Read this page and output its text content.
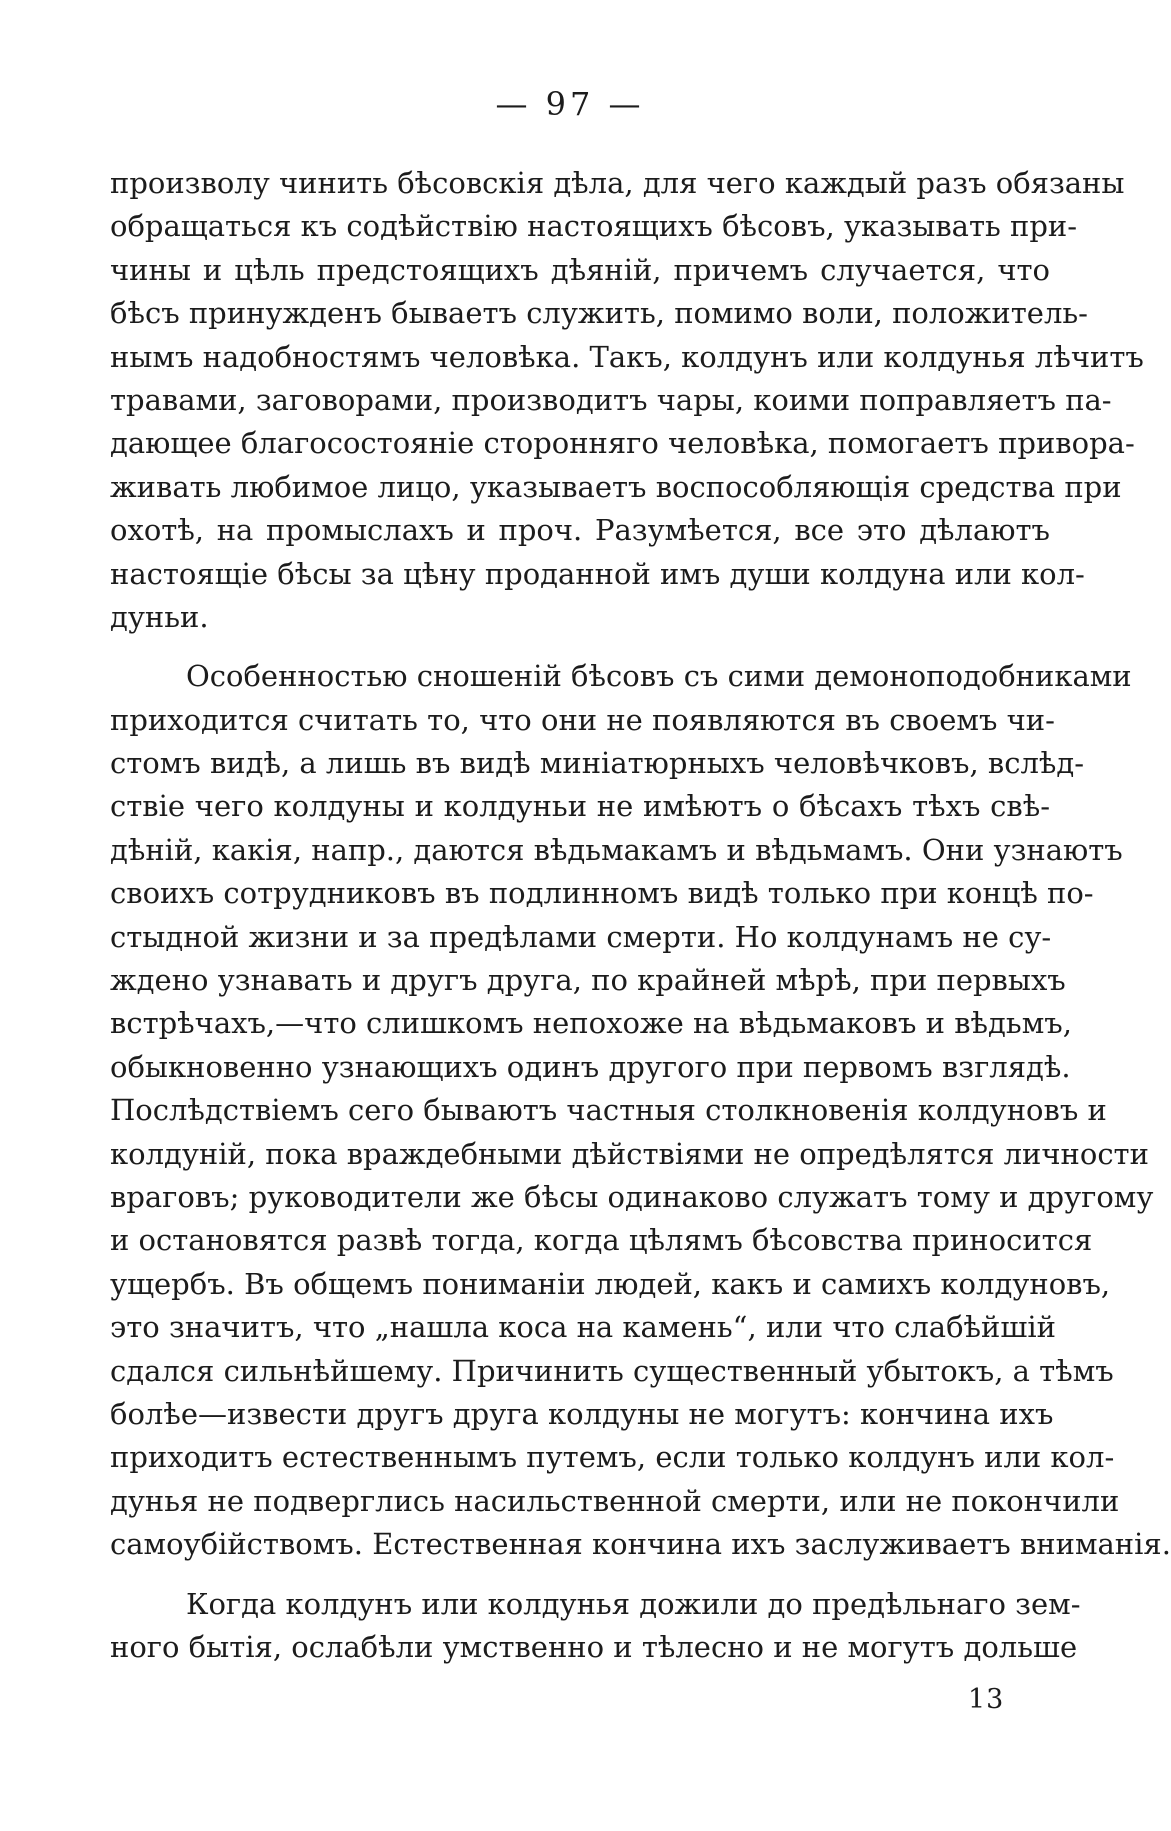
— 97 —
произволу чинить бѣсовскія дѣла, для чего каждый разъ обязаны
обращаться къ содѣйствію настоящихъ бѣсовъ, указывать при-
чины и цѣль предстоящихъ дѣяній, причемъ случается, что
бѣсъ принужденъ бываетъ служить, помимо воли, положитель-
нымъ надобностямъ человѣка. Такъ, колдунъ или колдунья лѣчитъ
травами, заговорами, производитъ чары, коими поправляетъ па-
дающее благосостояніе сторонняго человѣка, помогаетъ приворa-
живать любимое лицо, указываетъ воспособляющія средства при
охотѣ, на промыслахъ и проч. Разумѣется, все это дѣлаютъ
настоящіе бѣсы за цѣну проданной имъ души колдуна или кол-
дуньи.
Особенностью сношеній бѣсовъ съ сими демоноподобниками
приходится считать то, что они не появляются въ своемъ чи-
стомъ видѣ, а лишь въ видѣ миніатюрныхъ человѣчковъ, вслѣд-
ствіе чего колдуны и колдуньи не имѣютъ о бѣсахъ тѣхъ свѣ-
дѣній, какія, напр., даются вѣдьмакамъ и вѣдьмамъ. Они узнаютъ
своихъ сотрудниковъ въ подлинномъ видѣ только при концѣ по-
стыдной жизни и за предѣлами смерти. Но колдунамъ не су-
ждено узнавать и другъ друга, по крайней мѣрѣ, при первыхъ
встрѣчахъ,—что слишкомъ непохоже на вѣдьмаковъ и вѣдьмъ,
обыкновенно узнающихъ одинъ другого при первомъ взглядѣ.
Послѣдствіемъ сего бываютъ частныя столкновенія колдуновъ и
колдуній, пока враждебными дѣйствіями не опредѣлятся личности
враговъ; руководители же бѣсы одинаково служатъ тому и другому
и остановятся развѣ тогда, когда цѣлямъ бѣсовства приносится
ущербъ. Въ общемъ пониманіи людей, какъ и самихъ колдуновъ,
это значитъ, что „нашла коса на камень“, или что слабѣйшій
сдался сильнѣйшему. Причинить существенный убытокъ, а тѣмъ
болѣе—извести другъ друга колдуны не могутъ: кончина ихъ
приходитъ естественнымъ путемъ, если только колдунъ или кол-
дунья не подверглись насильственной смерти, или не покончили
самоубійствомъ. Естественная кончина ихъ заслуживаетъ вниманія.
Когда колдунъ или колдунья дожили до предѣльнаго зем-
ного бытія, ослабѣли умственно и тѣлесно и не могутъ дольше
13
